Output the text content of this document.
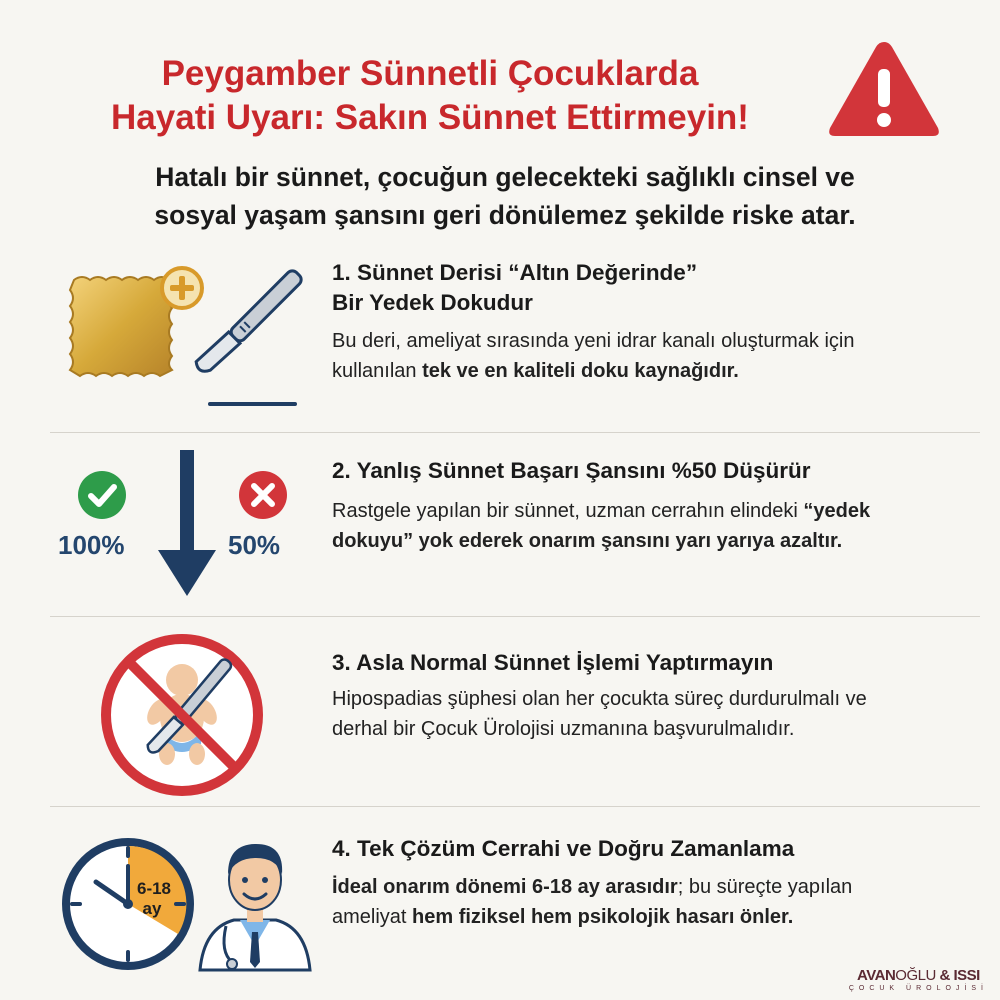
Peygamber Sünnetli Çocuklarda
Hayati Uyarı: Sakın Sünnet Ettirmeyin!
Hatalı bir sünnet, çocuğun gelecekteki sağlıklı cinsel ve
sosyal yaşam şansını geri dönülemez şekilde riske atar.
1. Sünnet Derisi “Altın Değerinde”
Bir Yedek Dokudur
Bu deri, ameliyat sırasında yeni idrar kanalı oluşturmak için kullanılan tek ve en kaliteli doku kaynağıdır.
100%	50%
2. Yanlış Sünnet Başarı Şansını %50 Düşürür
Rastgele yapılan bir sünnet, uzman cerrahın elindeki “yedek dokuyu” yok ederek onarım şansını yarı yarıya azaltır.
3. Asla Normal Sünnet İşlemi Yaptırmayın
Hipospadias şüphesi olan her çocukta süreç durdurulmalı ve derhal bir Çocuk Ürolojisi uzmanına başvurulmalıdır.
6-18
ay
4. Tek Çözüm Cerrahi ve Doğru Zamanlama
İdeal onarım dönemi 6-18 ay arasıdır; bu süreçte yapılan ameliyat hem fiziksel hem psikolojik hasarı önler.
AVANOĞLU & ISSI
ÇOCUK ÜROLOJİSİ
